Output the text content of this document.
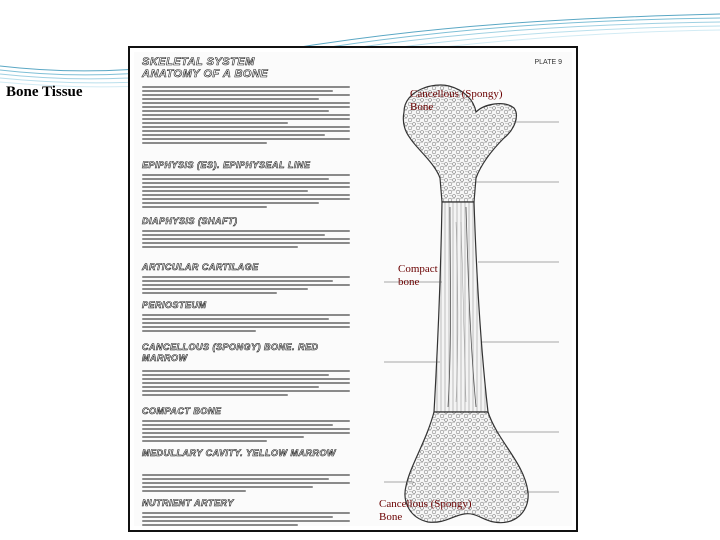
Bone Tissue
SKELETAL SYSTEM
ANATOMY OF A BONE
PLATE 9
EPIPHYSIS (ES). EPIPHYSEAL LINE
DIAPHYSIS (SHAFT)
ARTICULAR CARTILAGE
PERIOSTEUM
CANCELLOUS (SPONGY) BONE. RED MARROW
COMPACT BONE
MEDULLARY CAVITY. YELLOW MARROW
NUTRIENT ARTERY
Cancellous (Spongy)
Bone
Compact
bone
Cancellous (Spongy)
Bone
